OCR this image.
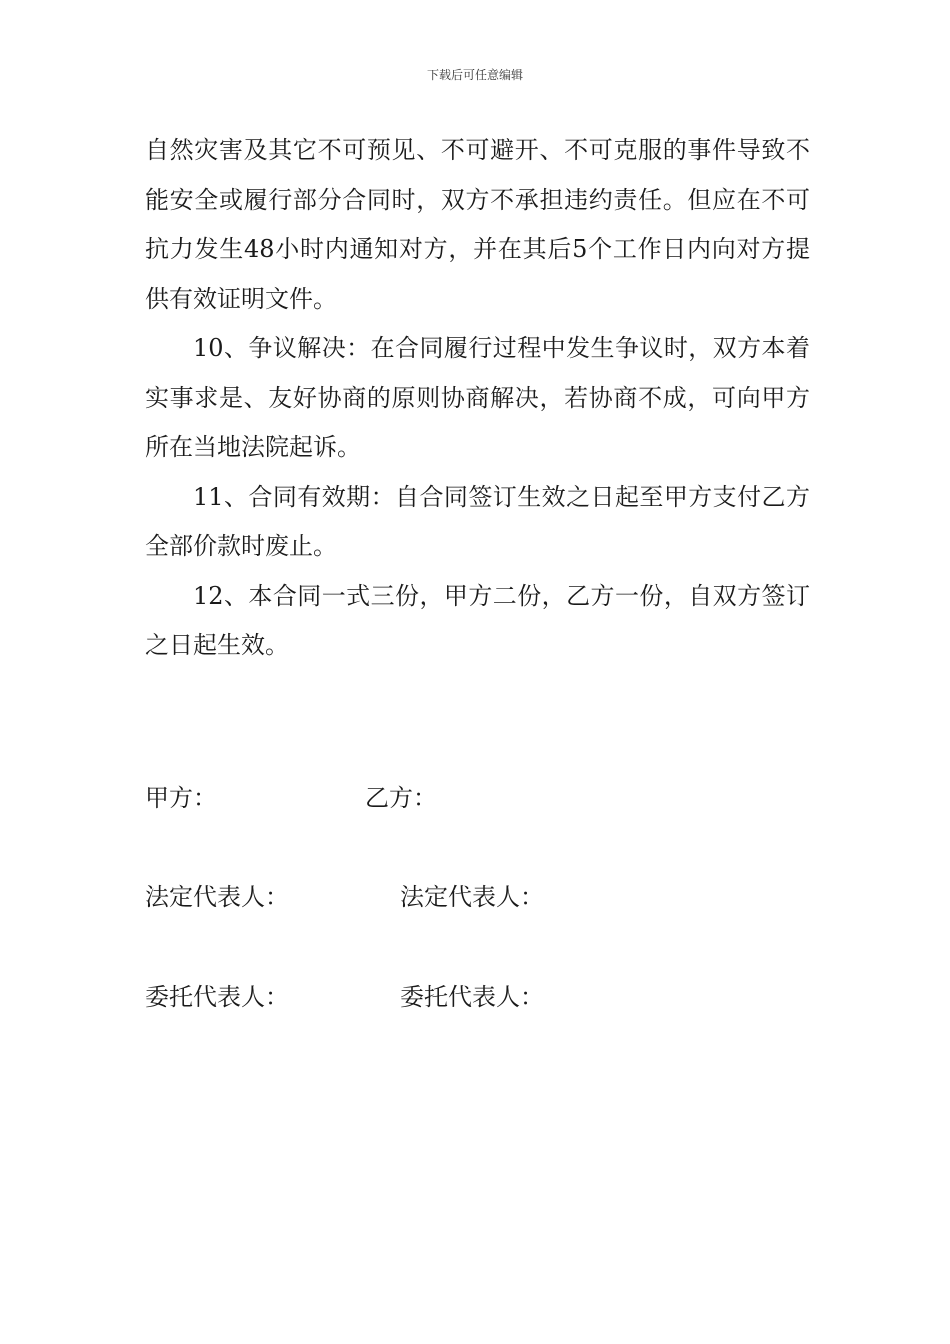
下载后可任意编辑

自然灾害及其它不可预见、不可避开、不可克服的事件导致不能安全或履行部分合同时，双方不承担违约责任。但应在不可抗力发生48小时内通知对方，并在其后5个工作日内向对方提供有效证明文件。

10、争议解决：在合同履行过程中发生争议时，双方本着实事求是、友好协商的原则协商解决，若协商不成，可向甲方所在当地法院起诉。

11、合同有效期：自合同签订生效之日起至甲方支付乙方全部价款时废止。

12、本合同一式三份，甲方二份，乙方一份，自双方签订之日起生效。

甲方：	乙方：
法定代表人：	法定代表人：
委托代表人：	委托代表人：
